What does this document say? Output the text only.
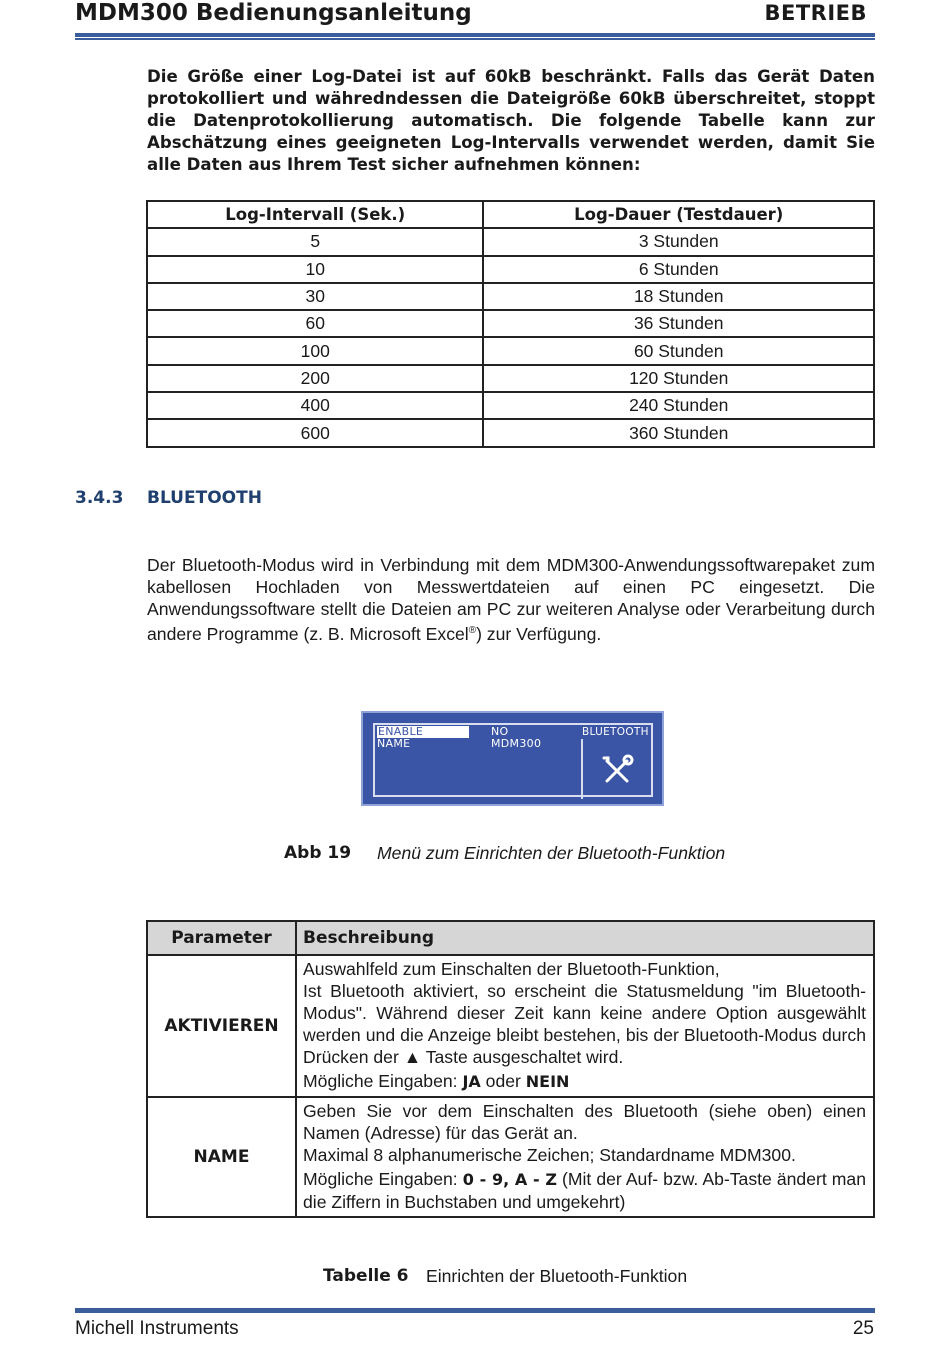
MDM300 Bedienungsanleitung	BETRIEB

Die Größe einer Log-Datei ist auf 60kB beschränkt. Falls das Gerät Daten protokolliert und währedndessen die Dateigröße 60kB überschreitet, stoppt die Datenprotokollierung automatisch. Die folgende Tabelle kann zur Abschätzung eines geeigneten Log-Intervalls verwendet werden, damit Sie alle Daten aus Ihrem Test sicher aufnehmen können:

Log-Intervall (Sek.)	Log-Dauer (Testdauer)
5	3 Stunden
10	6 Stunden
30	18 Stunden
60	36 Stunden
100	60 Stunden
200	120 Stunden
400	240 Stunden
600	360 Stunden
3.4.3 BLUETOOTH

Der Bluetooth-Modus wird in Verbindung mit dem MDM300-Anwendungssoftwarepaket zum kabellosen Hochladen von Messwertdateien auf einen PC eingesetzt. Die Anwendungssoftware stellt die Dateien am PC zur weiteren Analyse oder Verarbeitung durch andere Programme (z. B. Microsoft Excel®) zur Verfügung.

ENABLE
NAME
NO
MDM300
BLUETOOTH
Abb 19 Menü zum Einrichten der Bluetooth-Funktion
Parameter	Beschreibung
AKTIVIEREN	Auswahlfeld zum Einschalten der Bluetooth-Funktion,
Ist Bluetooth aktiviert, so erscheint die Statusmeldung "im Bluetooth-Modus". Während dieser Zeit kann keine andere Option ausgewählt werden und die Anzeige bleibt bestehen, bis der Bluetooth-Modus durch Drücken der ▲ Taste ausgeschaltet wird.
Mögliche Eingaben: JA oder NEIN

NAME	Geben Sie vor dem Einschalten des Bluetooth (siehe oben) einen Namen (Adresse) für das Gerät an.
Maximal 8 alphanumerische Zeichen; Standardname MDM300.
Mögliche Eingaben: 0 - 9, A - Z (Mit der Auf- bzw. Ab-Taste ändert man die Ziffern in Buchstaben und umgekehrt)
Tabelle 6 Einrichten der Bluetooth-Funktion
Michell Instruments	25
